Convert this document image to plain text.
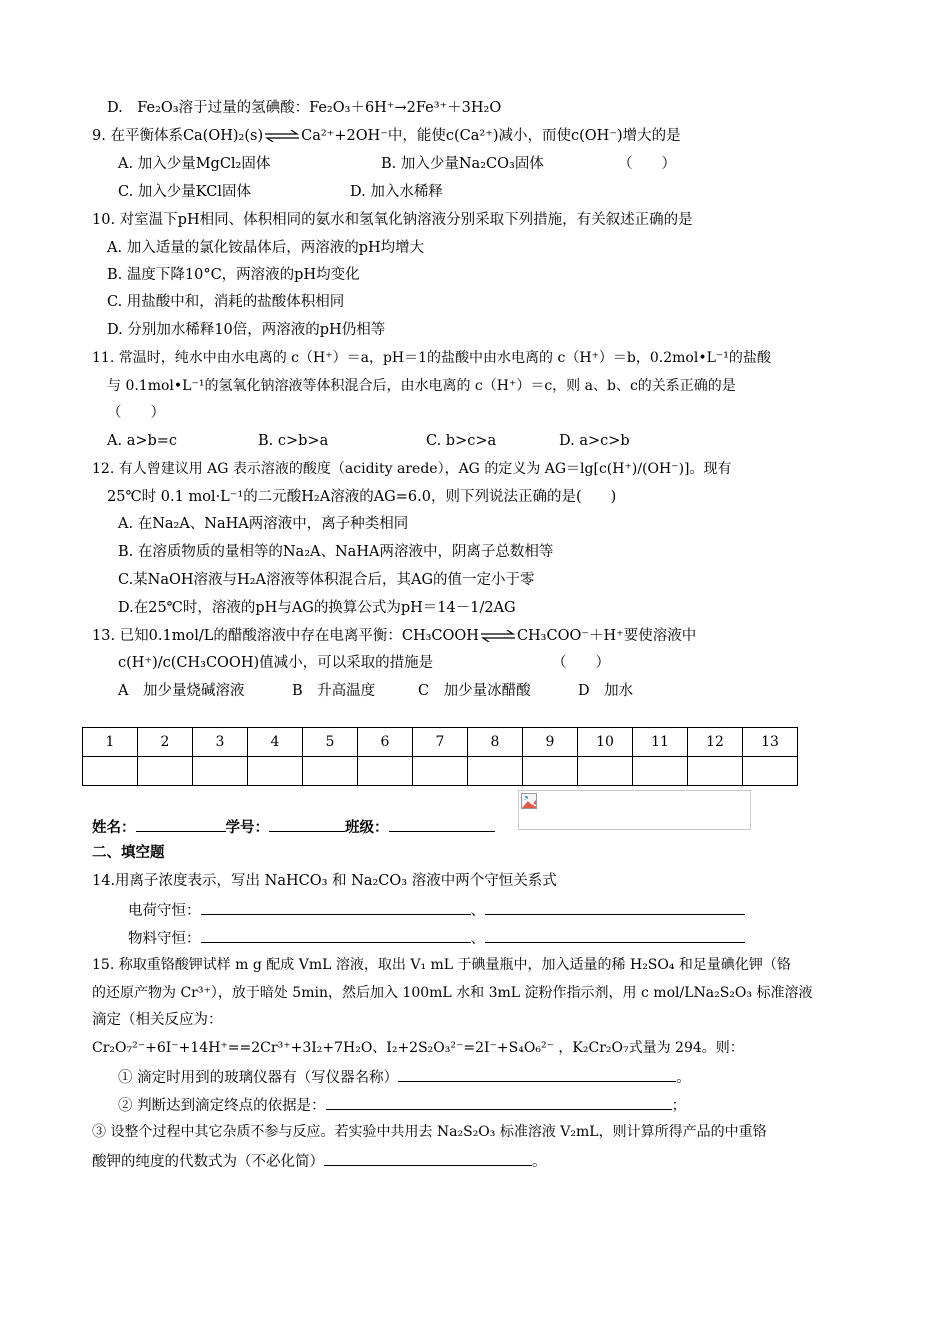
D.　Fe₂O₃溶于过量的氢碘酸：Fe₂O₃＋6H⁺→2Fe³⁺＋3H₂O
9. 在平衡体系Ca(OH)₂(s)⇌Ca²⁺+2OH⁻中，能使c(Ca²⁺)减小，而使c(OH⁻)增大的是
A. 加入少量MgCl₂固体	B. 加入少量Na₂CO₃固体	（　　）
C. 加入少量KCl固体	D. 加入水稀释
10. 对室温下pH相同、体积相同的氨水和氢氧化钠溶液分别采取下列措施，有关叙述正确的是
A. 加入适量的氯化铵晶体后，两溶液的pH均增大
B. 温度下降10°C，两溶液的pH均变化
C. 用盐酸中和，消耗的盐酸体积相同
D. 分别加水稀释10倍，两溶液的pH仍相等
11. 常温时，纯水中由水电离的 c（H⁺）＝a，pH＝1的盐酸中由水电离的 c（H⁺）＝b，0.2mol•L⁻¹的盐酸
与 0.1mol•L⁻¹的氢氧化钠溶液等体积混合后，由水电离的 c（H⁺）＝c，则 a、b、c的关系正确的是
（　　）
A. a>b=c	B. c>b>a	C. b>c>a	D. a>c>b
12. 有人曾建议用 AG 表示溶液的酸度（acidity arede），AG 的定义为 AG＝lg[c(H⁺)/(OH⁻)]。现有
25℃时 0.1 mol·L⁻¹的二元酸H₂A溶液的AG=6.0，则下列说法正确的是(　　)
A. 在Na₂A、NaHA两溶液中，离子种类相同
B. 在溶质物质的量相等的Na₂A、NaHA两溶液中，阴离子总数相等
C.某NaOH溶液与H₂A溶液等体积混合后，其AG的值一定小于零
D.在25℃时，溶液的pH与AG的换算公式为pH＝14－1/2AG
13. 已知0.1mol/L的醋酸溶液中存在电离平衡：CH₃COOH⇌CH₃COO⁻＋H⁺要使溶液中
c(H⁺)/c(CH₃COOH)值减小，可以采取的措施是	（　　）
A　加少量烧碱溶液	B　升高温度	C　加少量冰醋酸	D　加水
1	2	3	4	5	6	7	8	9	10	11	12	13

姓名：	学号：	班级：
二、填空题
14.用离子浓度表示，写出 NaHCO₃ 和 Na₂CO₃ 溶液中两个守恒关系式
电荷守恒：	、
物料守恒：	、
15. 称取重铬酸钾试样 m g 配成 VmL 溶液，取出 V₁ mL 于碘量瓶中，加入适量的稀 H₂SO₄ 和足量碘化钾（铬
的还原产物为 Cr³⁺），放于暗处 5min，然后加入 100mL 水和 3mL 淀粉作指示剂，用 c mol/LNa₂S₂O₃ 标准溶液
滴定（相关反应为：
Cr₂O₇²⁻+6I⁻+14H⁺==2Cr³⁺+3I₂+7H₂O、I₂+2S₂O₃²⁻=2I⁻+S₄O₆²⁻ ，K₂Cr₂O₇式量为 294。则：
① 滴定时用到的玻璃仪器有（写仪器名称）	。
② 判断达到滴定终点的依据是：	；
③ 设整个过程中其它杂质不参与反应。若实验中共用去 Na₂S₂O₃ 标准溶液 V₂mL，则计算所得产品的中重铬
酸钾的纯度的代数式为（不必化简）	。
